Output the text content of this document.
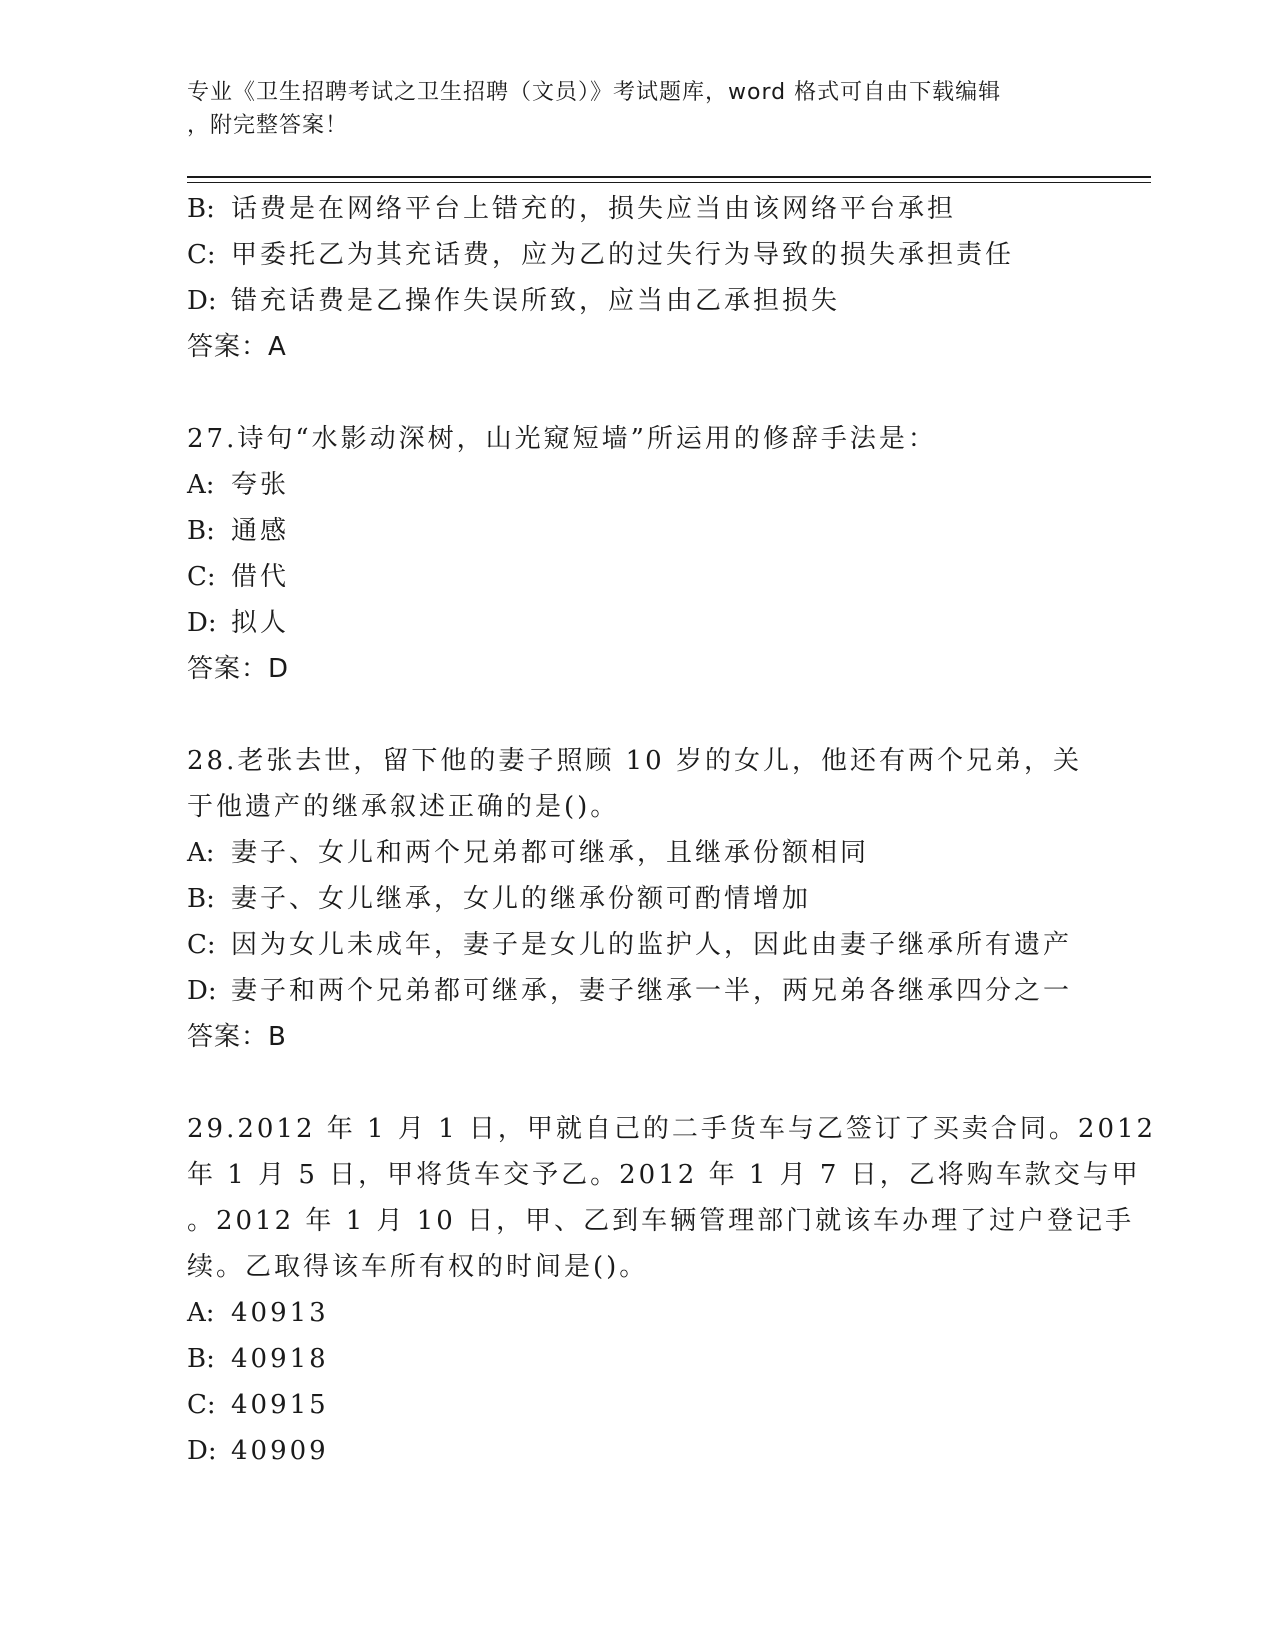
专业《卫生招聘考试之卫生招聘（文员）》考试题库，word 格式可自由下载编辑
，附完整答案！
B: 话费是在网络平台上错充的，损失应当由该网络平台承担
C: 甲委托乙为其充话费，应为乙的过失行为导致的损失承担责任
D: 错充话费是乙操作失误所致，应当由乙承担损失
答案：A
27.诗句“水影动深树，山光窥短墙”所运用的修辞手法是：
A: 夸张
B: 通感
C: 借代
D: 拟人
答案：D
28.老张去世，留下他的妻子照顾 10 岁的女儿，他还有两个兄弟，关
于他遗产的继承叙述正确的是()。
A: 妻子、女儿和两个兄弟都可继承，且继承份额相同
B: 妻子、女儿继承，女儿的继承份额可酌情增加
C: 因为女儿未成年，妻子是女儿的监护人，因此由妻子继承所有遗产
D: 妻子和两个兄弟都可继承，妻子继承一半，两兄弟各继承四分之一
答案：B
29.2012 年 1 月 1 日，甲就自己的二手货车与乙签订了买卖合同。2012
年 1 月 5 日，甲将货车交予乙。2012 年 1 月 7 日，乙将购车款交与甲
。2012 年 1 月 10 日，甲、乙到车辆管理部门就该车办理了过户登记手
续。乙取得该车所有权的时间是()。
A: 40913
B: 40918
C: 40915
D: 40909
